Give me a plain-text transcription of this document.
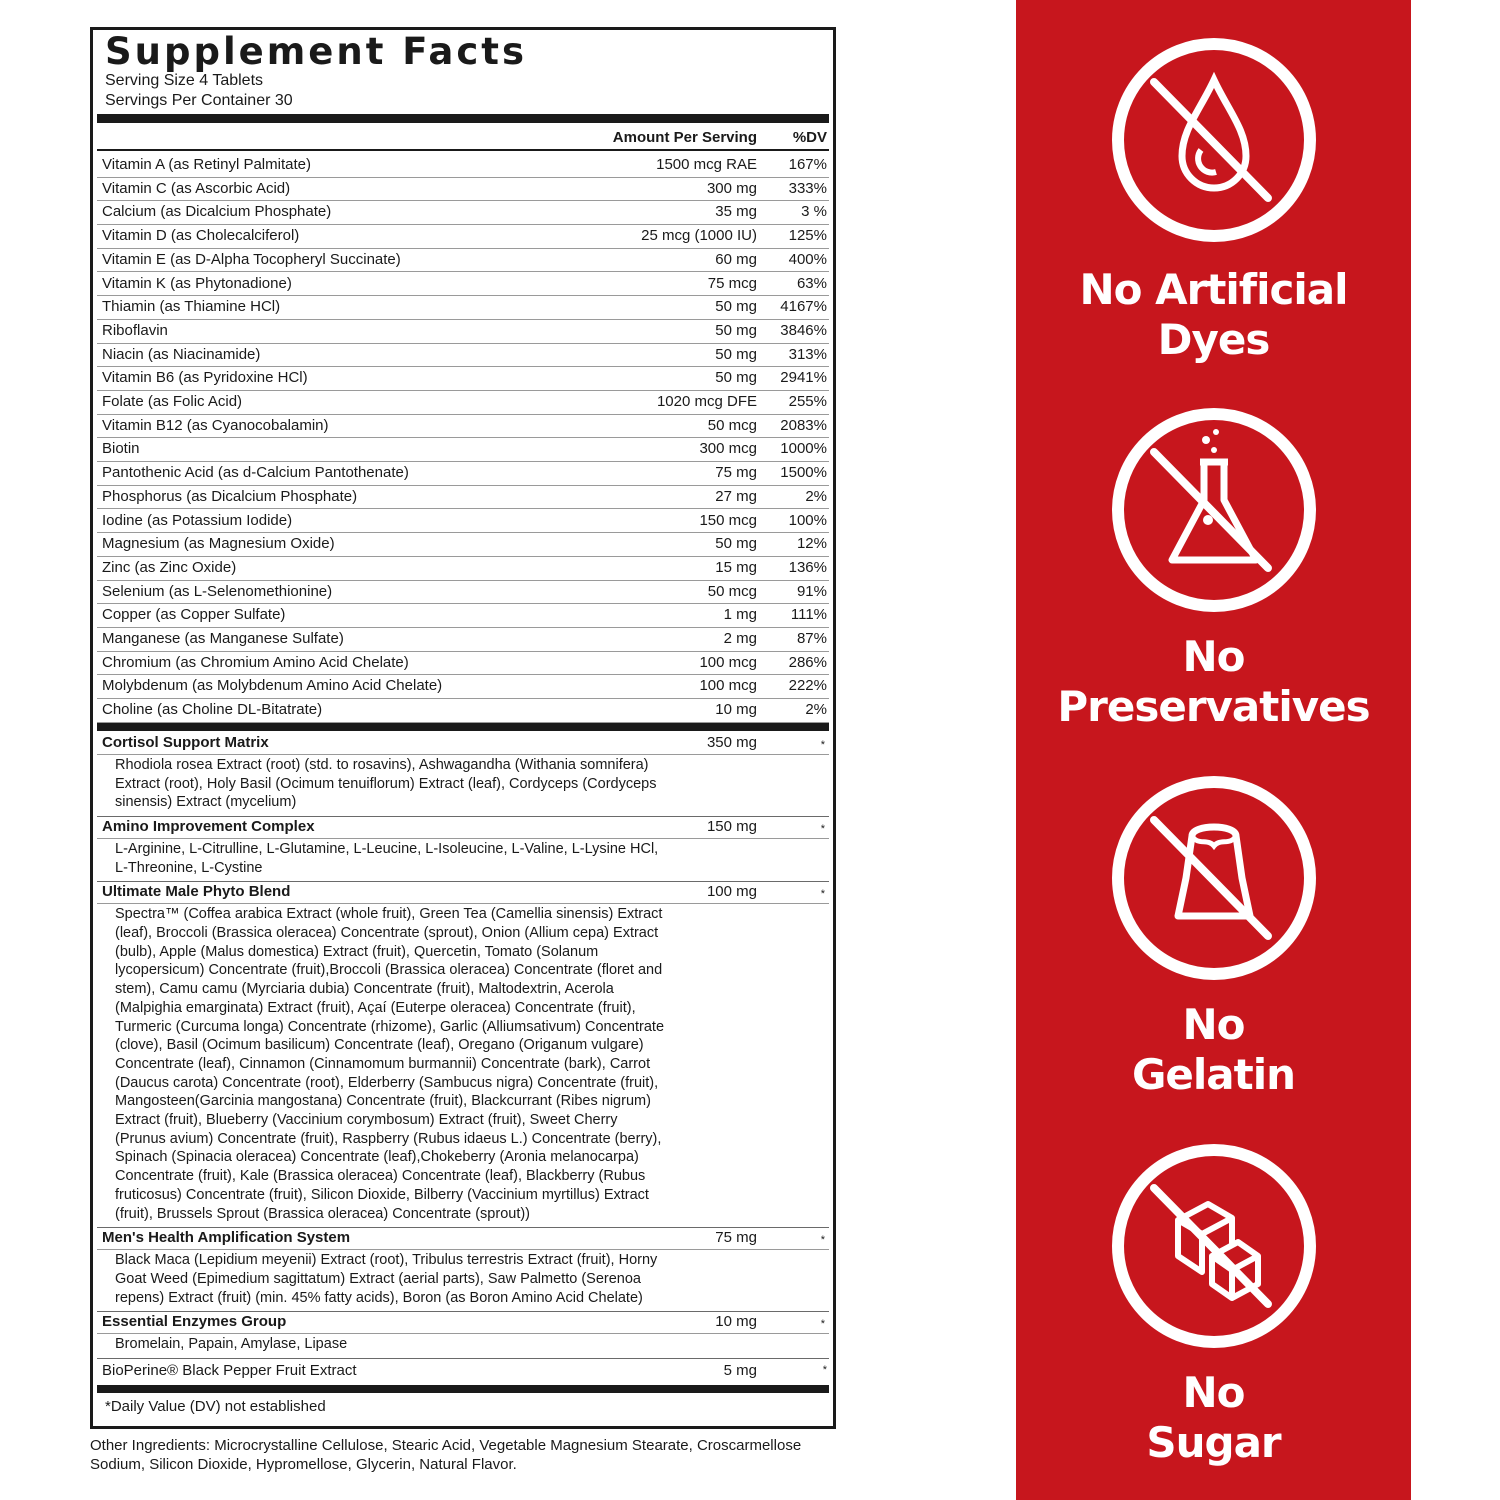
Supplement Facts
Serving Size 4 Tablets
Servings Per Container 30
Amount Per Serving %DV
Vitamin A (as Retinyl Palmitate)	1500 mcg RAE 167%
Vitamin C (as Ascorbic Acid)	300 mg 333%
Calcium (as Dicalcium Phosphate)	35 mg	3 %
Vitamin D (as Cholecalciferol)	25 mcg (1000 IU) 125%
Vitamin E (as D-Alpha Tocopheryl Succinate)	60 mg 400%
Vitamin K (as Phytonadione)	75 mcg	63%
Thiamin (as Thiamine HCl)	50 mg 4167%
Riboflavin	50 mg 3846%
Niacin (as Niacinamide)	50 mg 313%
Vitamin B6 (as Pyridoxine HCl)	50 mg 2941%
Folate (as Folic Acid)	1020 mcg DFE 255%
Vitamin B12 (as Cyanocobalamin)	50 mcg 2083%
Biotin	300 mcg 1000%
Pantothenic Acid (as d-Calcium Pantothenate)	75 mg 1500%
Phosphorus (as Dicalcium Phosphate)	27 mg	2%
Iodine (as Potassium Iodide)	150 mcg 100%
Magnesium (as Magnesium Oxide)	50 mg	12%
Zinc (as Zinc Oxide)	15 mg 136%
Selenium (as L-Selenomethionine)	50 mcg	91%
Copper (as Copper Sulfate)	1 mg 111%
Manganese (as Manganese Sulfate)	2 mg	87%
Chromium (as Chromium Amino Acid Chelate)	100 mcg 286%
Molybdenum (as Molybdenum Amino Acid Chelate)	100 mcg 222%
Choline (as Choline DL-Bitatrate)	10 mg	2%
Cortisol Support Matrix	350 mg	*
Rhodiola rosea Extract (root) (std. to rosavins), Ashwagandha (Withania somnifera) Extract (root), Holy Basil (Ocimum tenuiflorum) Extract (leaf), Cordyceps (Cordyceps sinensis) Extract (mycelium)
Amino Improvement Complex	150 mg	*
L-Arginine, L-Citrulline, L-Glutamine, L-Leucine, L-Isoleucine, L-Valine, L-Lysine HCl, L-Threonine, L-Cystine
Ultimate Male Phyto Blend	100 mg	*
Spectra™ (Coffea arabica Extract (whole fruit), Green Tea (Camellia sinensis) Extract (leaf), Broccoli (Brassica oleracea) Concentrate (sprout), Onion (Allium cepa) Extract (bulb), Apple (Malus domestica) Extract (fruit), Quercetin, Tomato (Solanum lycopersicum) Concentrate (fruit),Broccoli (Brassica oleracea) Concentrate (floret and stem), Camu camu (Myrciaria dubia) Concentrate (fruit), Maltodextrin, Acerola (Malpighia emarginata) Extract (fruit), Açaí (Euterpe oleracea) Concentrate (fruit), Turmeric (Curcuma longa) Concentrate (rhizome), Garlic (Alliumsativum) Concentrate (clove), Basil (Ocimum basilicum) Concentrate (leaf), Oregano (Origanum vulgare) Concentrate (leaf), Cinnamon (Cinnamomum burmannii) Concentrate (bark), Carrot (Daucus carota) Concentrate (root), Elderberry (Sambucus nigra) Concentrate (fruit), Mangosteen(Garcinia mangostana) Concentrate (fruit), Blackcurrant (Ribes nigrum) Extract (fruit), Blueberry (Vaccinium corymbosum) Extract (fruit), Sweet Cherry (Prunus avium) Concentrate (fruit), Raspberry (Rubus idaeus L.) Concentrate (berry), Spinach (Spinacia oleracea) Concentrate (leaf),Chokeberry (Aronia melanocarpa) Concentrate (fruit), Kale (Brassica oleracea) Concentrate (leaf), Blackberry (Rubus fruticosus) Concentrate (fruit), Silicon Dioxide, Bilberry (Vaccinium myrtillus) Extract (fruit), Brussels Sprout (Brassica oleracea) Concentrate (sprout))
Men's Health Amplification System	75 mg	*
Black Maca (Lepidium meyenii) Extract (root), Tribulus terrestris Extract (fruit), Horny Goat Weed (Epimedium sagittatum) Extract (aerial parts), Saw Palmetto (Serenoa repens) Extract (fruit) (min. 45% fatty acids), Boron (as Boron Amino Acid Chelate)
Essential Enzymes Group	10 mg	*
Bromelain, Papain, Amylase, Lipase
BioPerine® Black Pepper Fruit Extract	5 mg	*
*Daily Value (DV) not established
Other Ingredients: Microcrystalline Cellulose, Stearic Acid, Vegetable Magnesium Stearate, Croscarmellose Sodium, Silicon Dioxide, Hypromellose, Glycerin, Natural Flavor.
No Artificial
Dyes
No
Preservatives
No
Gelatin
No
Sugar
